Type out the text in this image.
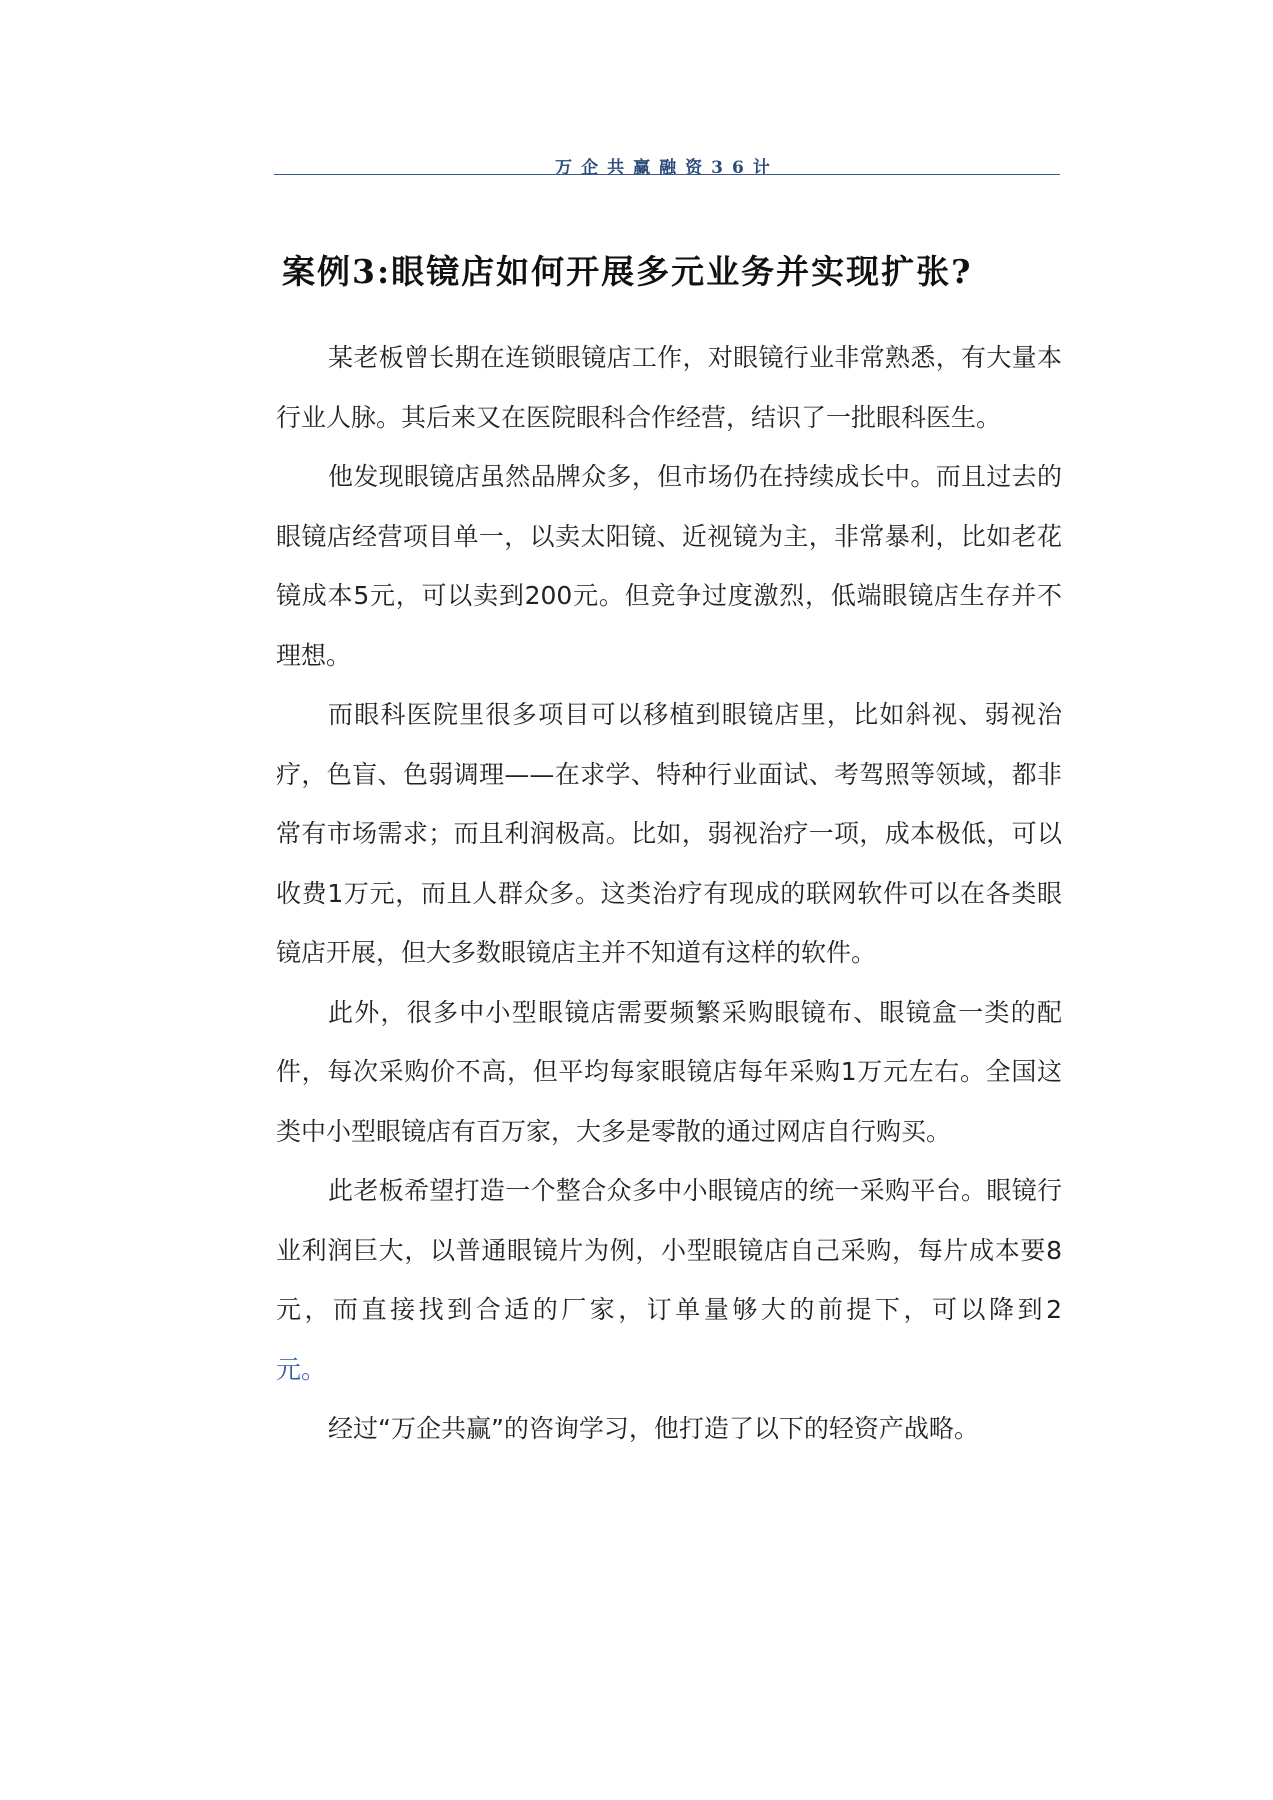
万企共赢融资36计
案例3:眼镜店如何开展多元业务并实现扩张?

某老板曾长期在连锁眼镜店工作，对眼镜行业非常熟悉，有大量本行业人脉。其后来又在医院眼科合作经营，结识了一批眼科医生。

他发现眼镜店虽然品牌众多，但市场仍在持续成长中。而且过去的眼镜店经营项目单一，以卖太阳镜、近视镜为主，非常暴利，比如老花镜成本5元，可以卖到200元。但竞争过度激烈，低端眼镜店生存并不理想。

而眼科医院里很多项目可以移植到眼镜店里，比如斜视、弱视治疗，色盲、色弱调理——在求学、特种行业面试、考驾照等领域，都非常有市场需求；而且利润极高。比如，弱视治疗一项，成本极低，可以收费1万元，而且人群众多。这类治疗有现成的联网软件可以在各类眼镜店开展，但大多数眼镜店主并不知道有这样的软件。

此外，很多中小型眼镜店需要频繁采购眼镜布、眼镜盒一类的配件，每次采购价不高，但平均每家眼镜店每年采购1万元左右。全国这类中小型眼镜店有百万家，大多是零散的通过网店自行购买。

此老板希望打造一个整合众多中小眼镜店的统一采购平台。眼镜行业利润巨大，以普通眼镜片为例，小型眼镜店自己采购，每片成本要8元，而直接找到合适的厂家，订单量够大的前提下，可以降到2元。

经过“万企共赢”的咨询学习，他打造了以下的轻资产战略。
